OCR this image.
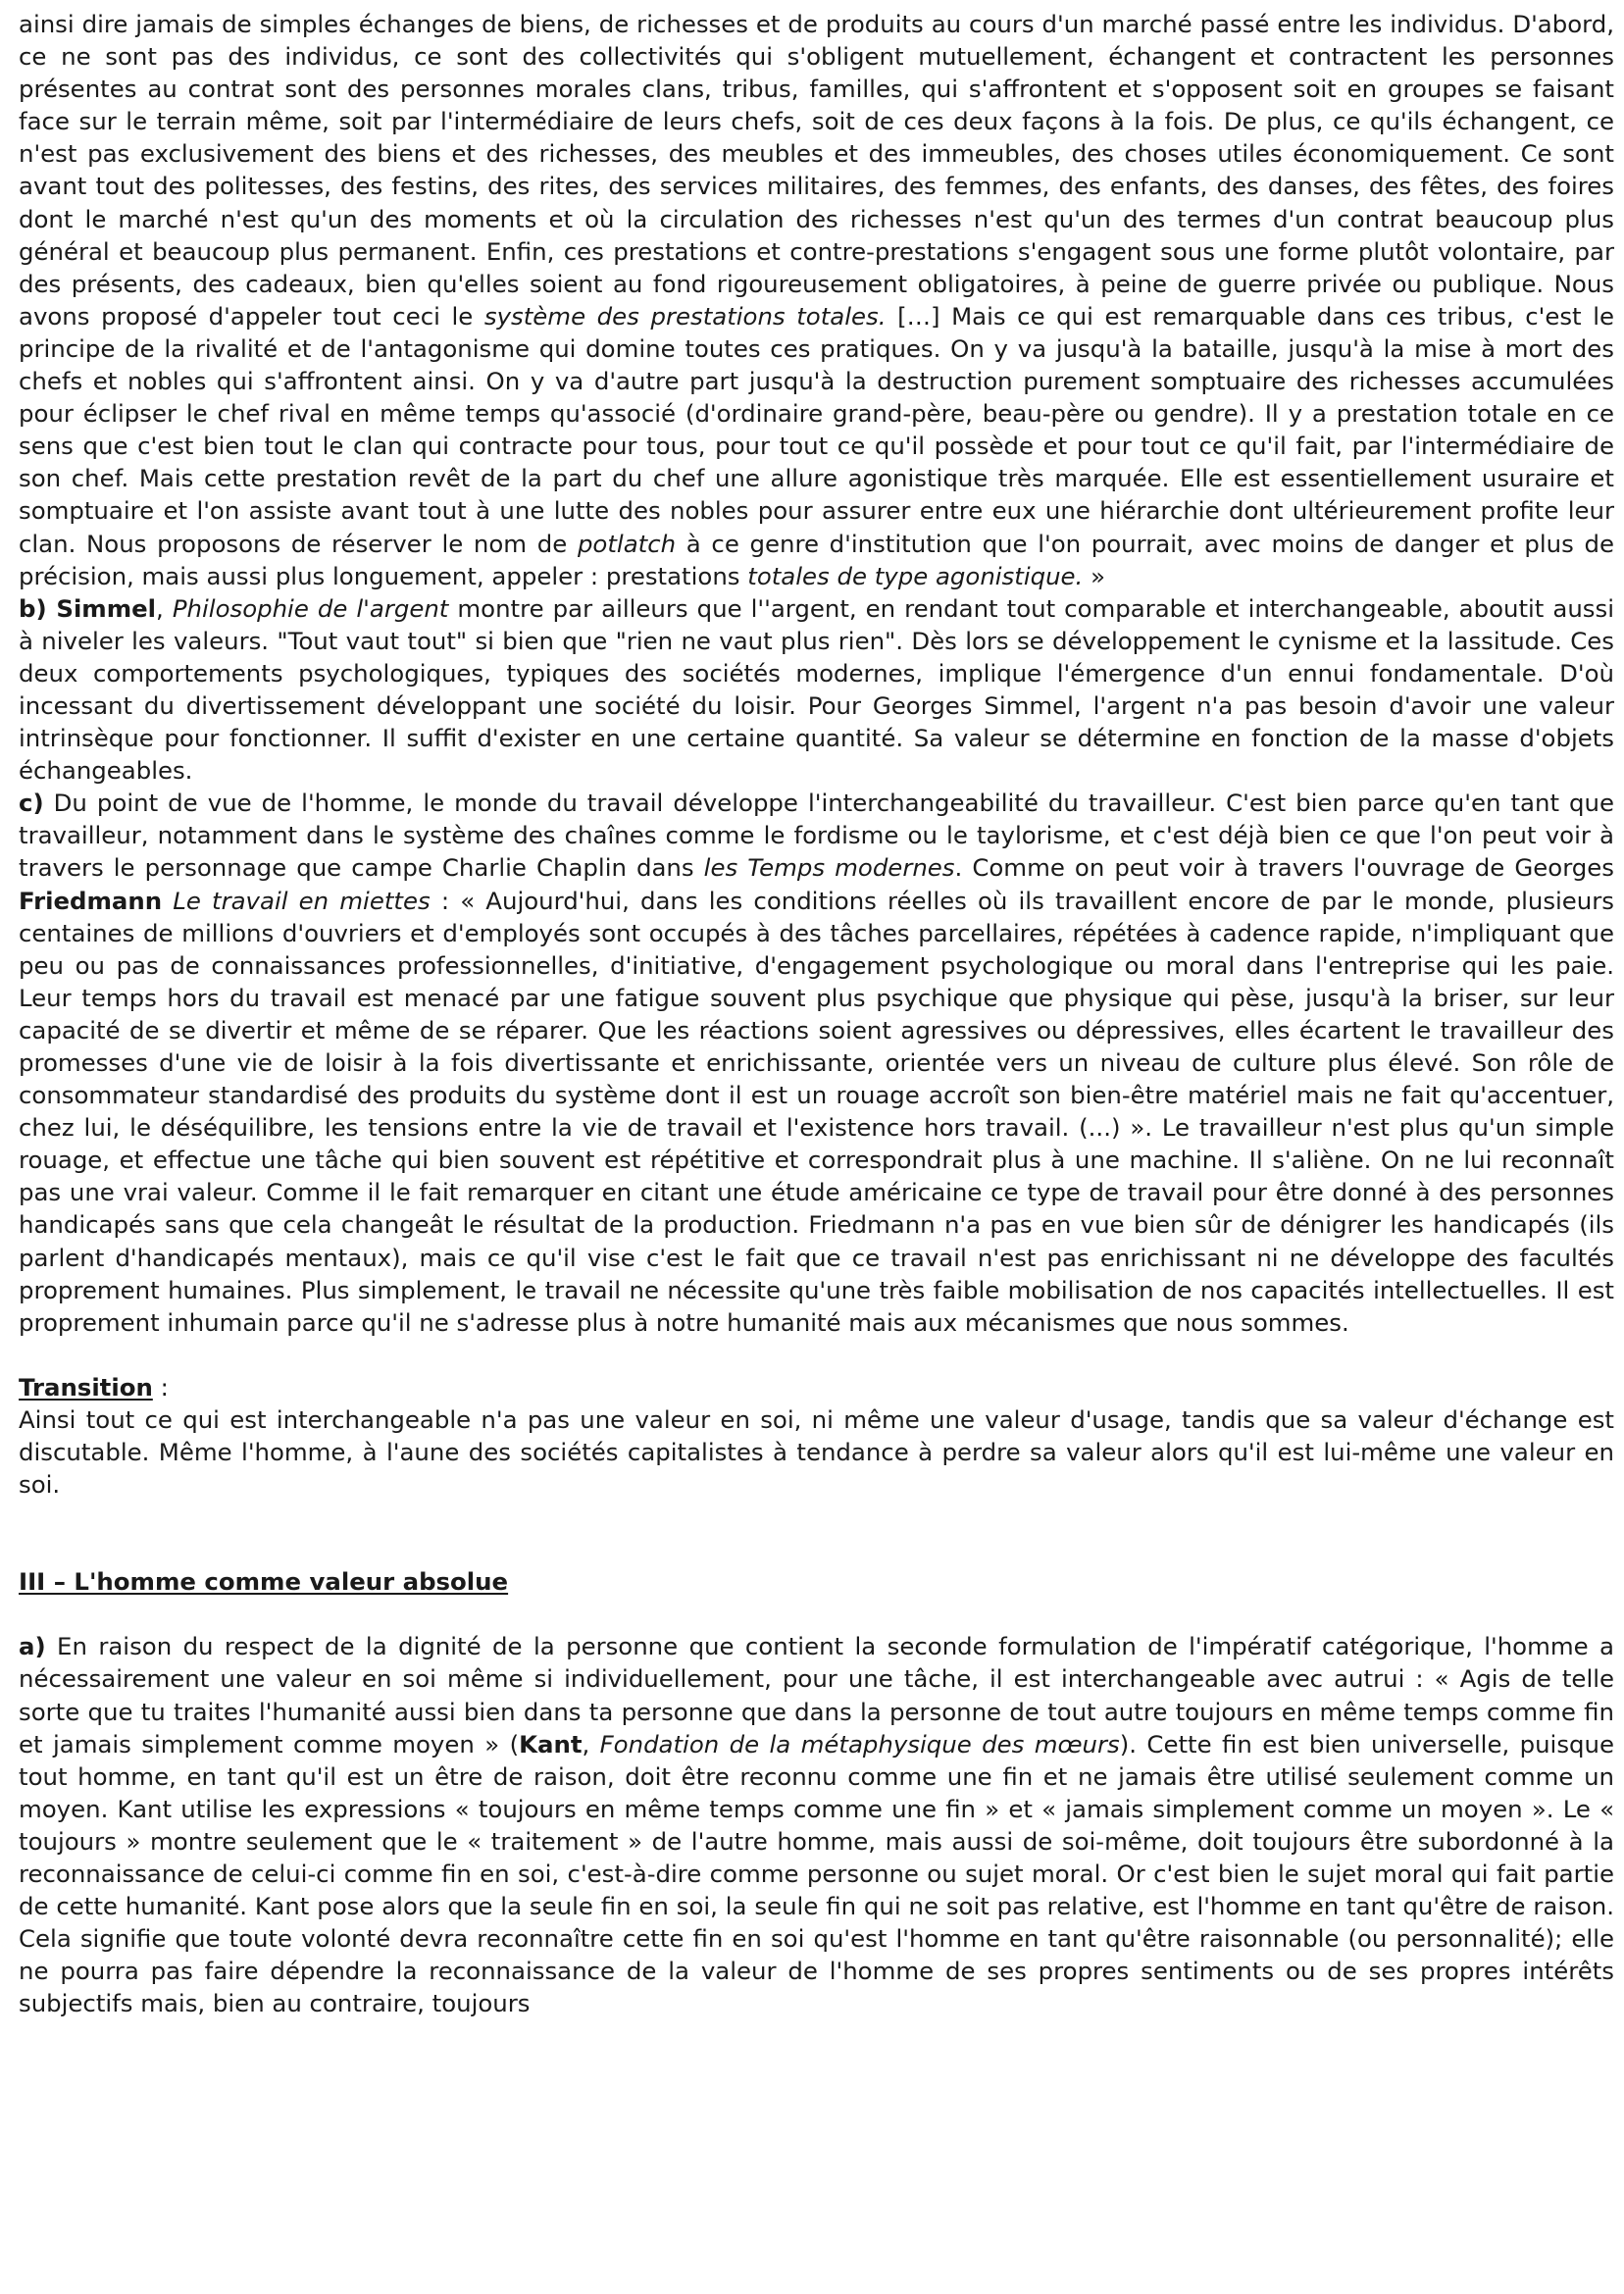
ainsi dire jamais de simples échanges de biens, de richesses et de produits au cours d'un marché passé entre les individus. D'abord, ce ne sont pas des individus, ce sont des collectivités qui s'obligent mutuellement, échangent et contractent les personnes présentes au contrat sont des personnes morales clans, tribus, familles, qui s'affrontent et s'opposent soit en groupes se faisant face sur le terrain même, soit par l'intermédiaire de leurs chefs, soit de ces deux façons à la fois. De plus, ce qu'ils échangent, ce n'est pas exclusivement des biens et des richesses, des meubles et des immeubles, des choses utiles économiquement. Ce sont avant tout des politesses, des festins, des rites, des services militaires, des femmes, des enfants, des danses, des fêtes, des foires dont le marché n'est qu'un des moments et où la circulation des richesses n'est qu'un des termes d'un contrat beaucoup plus général et beaucoup plus permanent. Enfin, ces prestations et contre-prestations s'engagent sous une forme plutôt volontaire, par des présents, des cadeaux, bien qu'elles soient au fond rigoureusement obligatoires, à peine de guerre privée ou publique. Nous avons proposé d'appeler tout ceci le système des prestations totales. […] Mais ce qui est remarquable dans ces tribus, c'est le principe de la rivalité et de l'antagonisme qui domine toutes ces pratiques. On y va jusqu'à la bataille, jusqu'à la mise à mort des chefs et nobles qui s'affrontent ainsi. On y va d'autre part jusqu'à la destruction purement somptuaire des richesses accumulées pour éclipser le chef rival en même temps qu'associé (d'ordinaire grand-père, beau-père ou gendre). Il y a prestation totale en ce sens que c'est bien tout le clan qui contracte pour tous, pour tout ce qu'il possède et pour tout ce qu'il fait, par l'intermédiaire de son chef. Mais cette prestation revêt de la part du chef une allure agonistique très marquée. Elle est essentiellement usuraire et somptuaire et l'on assiste avant tout à une lutte des nobles pour assurer entre eux une hiérarchie dont ultérieurement profite leur clan. Nous proposons de réserver le nom de potlatch à ce genre d'institution que l'on pourrait, avec moins de danger et plus de précision, mais aussi plus longuement, appeler : prestations totales de type agonistique. »

b) Simmel, Philosophie de l'argent montre par ailleurs que l''argent, en rendant tout comparable et interchangeable, aboutit aussi à niveler les valeurs. "Tout vaut tout" si bien que "rien ne vaut plus rien". Dès lors se développement le cynisme et la lassitude. Ces deux comportements psychologiques, typiques des sociétés modernes, implique l'émergence d'un ennui fondamentale. D'où incessant du divertissement développant une société du loisir. Pour Georges Simmel, l'argent n'a pas besoin d'avoir une valeur intrinsèque pour fonctionner. Il suffit d'exister en une certaine quantité. Sa valeur se détermine en fonction de la masse d'objets échangeables.

c) Du point de vue de l'homme, le monde du travail développe l'interchangeabilité du travailleur. C'est bien parce qu'en tant que travailleur, notamment dans le système des chaînes comme le fordisme ou le taylorisme, et c'est déjà bien ce que l'on peut voir à travers le personnage que campe Charlie Chaplin dans les Temps modernes. Comme on peut voir à travers l'ouvrage de Georges Friedmann Le travail en miettes : « Aujourd'hui, dans les conditions réelles où ils travaillent encore de par le monde, plusieurs centaines de millions d'ouvriers et d'employés sont occupés à des tâches parcellaires, répétées à cadence rapide, n'impliquant que peu ou pas de connaissances professionnelles, d'initiative, d'engagement psychologique ou moral dans l'entreprise qui les paie. Leur temps hors du travail est menacé par une fatigue souvent plus psychique que physique qui pèse, jusqu'à la briser, sur leur capacité de se divertir et même de se réparer. Que les réactions soient agressives ou dépressives, elles écartent le travailleur des promesses d'une vie de loisir à la fois divertissante et enrichissante, orientée vers un niveau de culture plus élevé. Son rôle de consommateur standardisé des produits du système dont il est un rouage accroît son bien-être matériel mais ne fait qu'accentuer, chez lui, le déséquilibre, les tensions entre la vie de travail et l'existence hors travail. (...) ». Le travailleur n'est plus qu'un simple rouage, et effectue une tâche qui bien souvent est répétitive et correspondrait plus à une machine. Il s'aliène. On ne lui reconnaît pas une vrai valeur. Comme il le fait remarquer en citant une étude américaine ce type de travail pour être donné à des personnes handicapés sans que cela changeât le résultat de la production. Friedmann n'a pas en vue bien sûr de dénigrer les handicapés (ils parlent d'handicapés mentaux), mais ce qu'il vise c'est le fait que ce travail n'est pas enrichissant ni ne développe des facultés proprement humaines. Plus simplement, le travail ne nécessite qu'une très faible mobilisation de nos capacités intellectuelles. Il est proprement inhumain parce qu'il ne s'adresse plus à notre humanité mais aux mécanismes que nous sommes.

Transition :

Ainsi tout ce qui est interchangeable n'a pas une valeur en soi, ni même une valeur d'usage, tandis que sa valeur d'échange est discutable. Même l'homme, à l'aune des sociétés capitalistes à tendance à perdre sa valeur alors qu'il est lui-même une valeur en soi.

III – L'homme comme valeur absolue

a) En raison du respect de la dignité de la personne que contient la seconde formulation de l'impératif catégorique, l'homme a nécessairement une valeur en soi même si individuellement, pour une tâche, il est interchangeable avec autrui : « Agis de telle sorte que tu traites l'humanité aussi bien dans ta personne que dans la personne de tout autre toujours en même temps comme fin et jamais simplement comme moyen » (Kant, Fondation de la métaphysique des mœurs). Cette fin est bien universelle, puisque tout homme, en tant qu'il est un être de raison, doit être reconnu comme une fin et ne jamais être utilisé seulement comme un moyen. Kant utilise les expressions « toujours en même temps comme une fin » et « jamais simplement comme un moyen ». Le « toujours » montre seulement que le « traitement » de l'autre homme, mais aussi de soi-même, doit toujours être subordonné à la reconnaissance de celui-ci comme fin en soi, c'est-à-dire comme personne ou sujet moral. Or c'est bien le sujet moral qui fait partie de cette humanité. Kant pose alors que la seule fin en soi, la seule fin qui ne soit pas relative, est l'homme en tant qu'être de raison. Cela signifie que toute volonté devra reconnaître cette fin en soi qu'est l'homme en tant qu'être raisonnable (ou personnalité); elle ne pourra pas faire dépendre la reconnaissance de la valeur de l'homme de ses propres sentiments ou de ses propres intérêts subjectifs mais, bien au contraire, toujours
